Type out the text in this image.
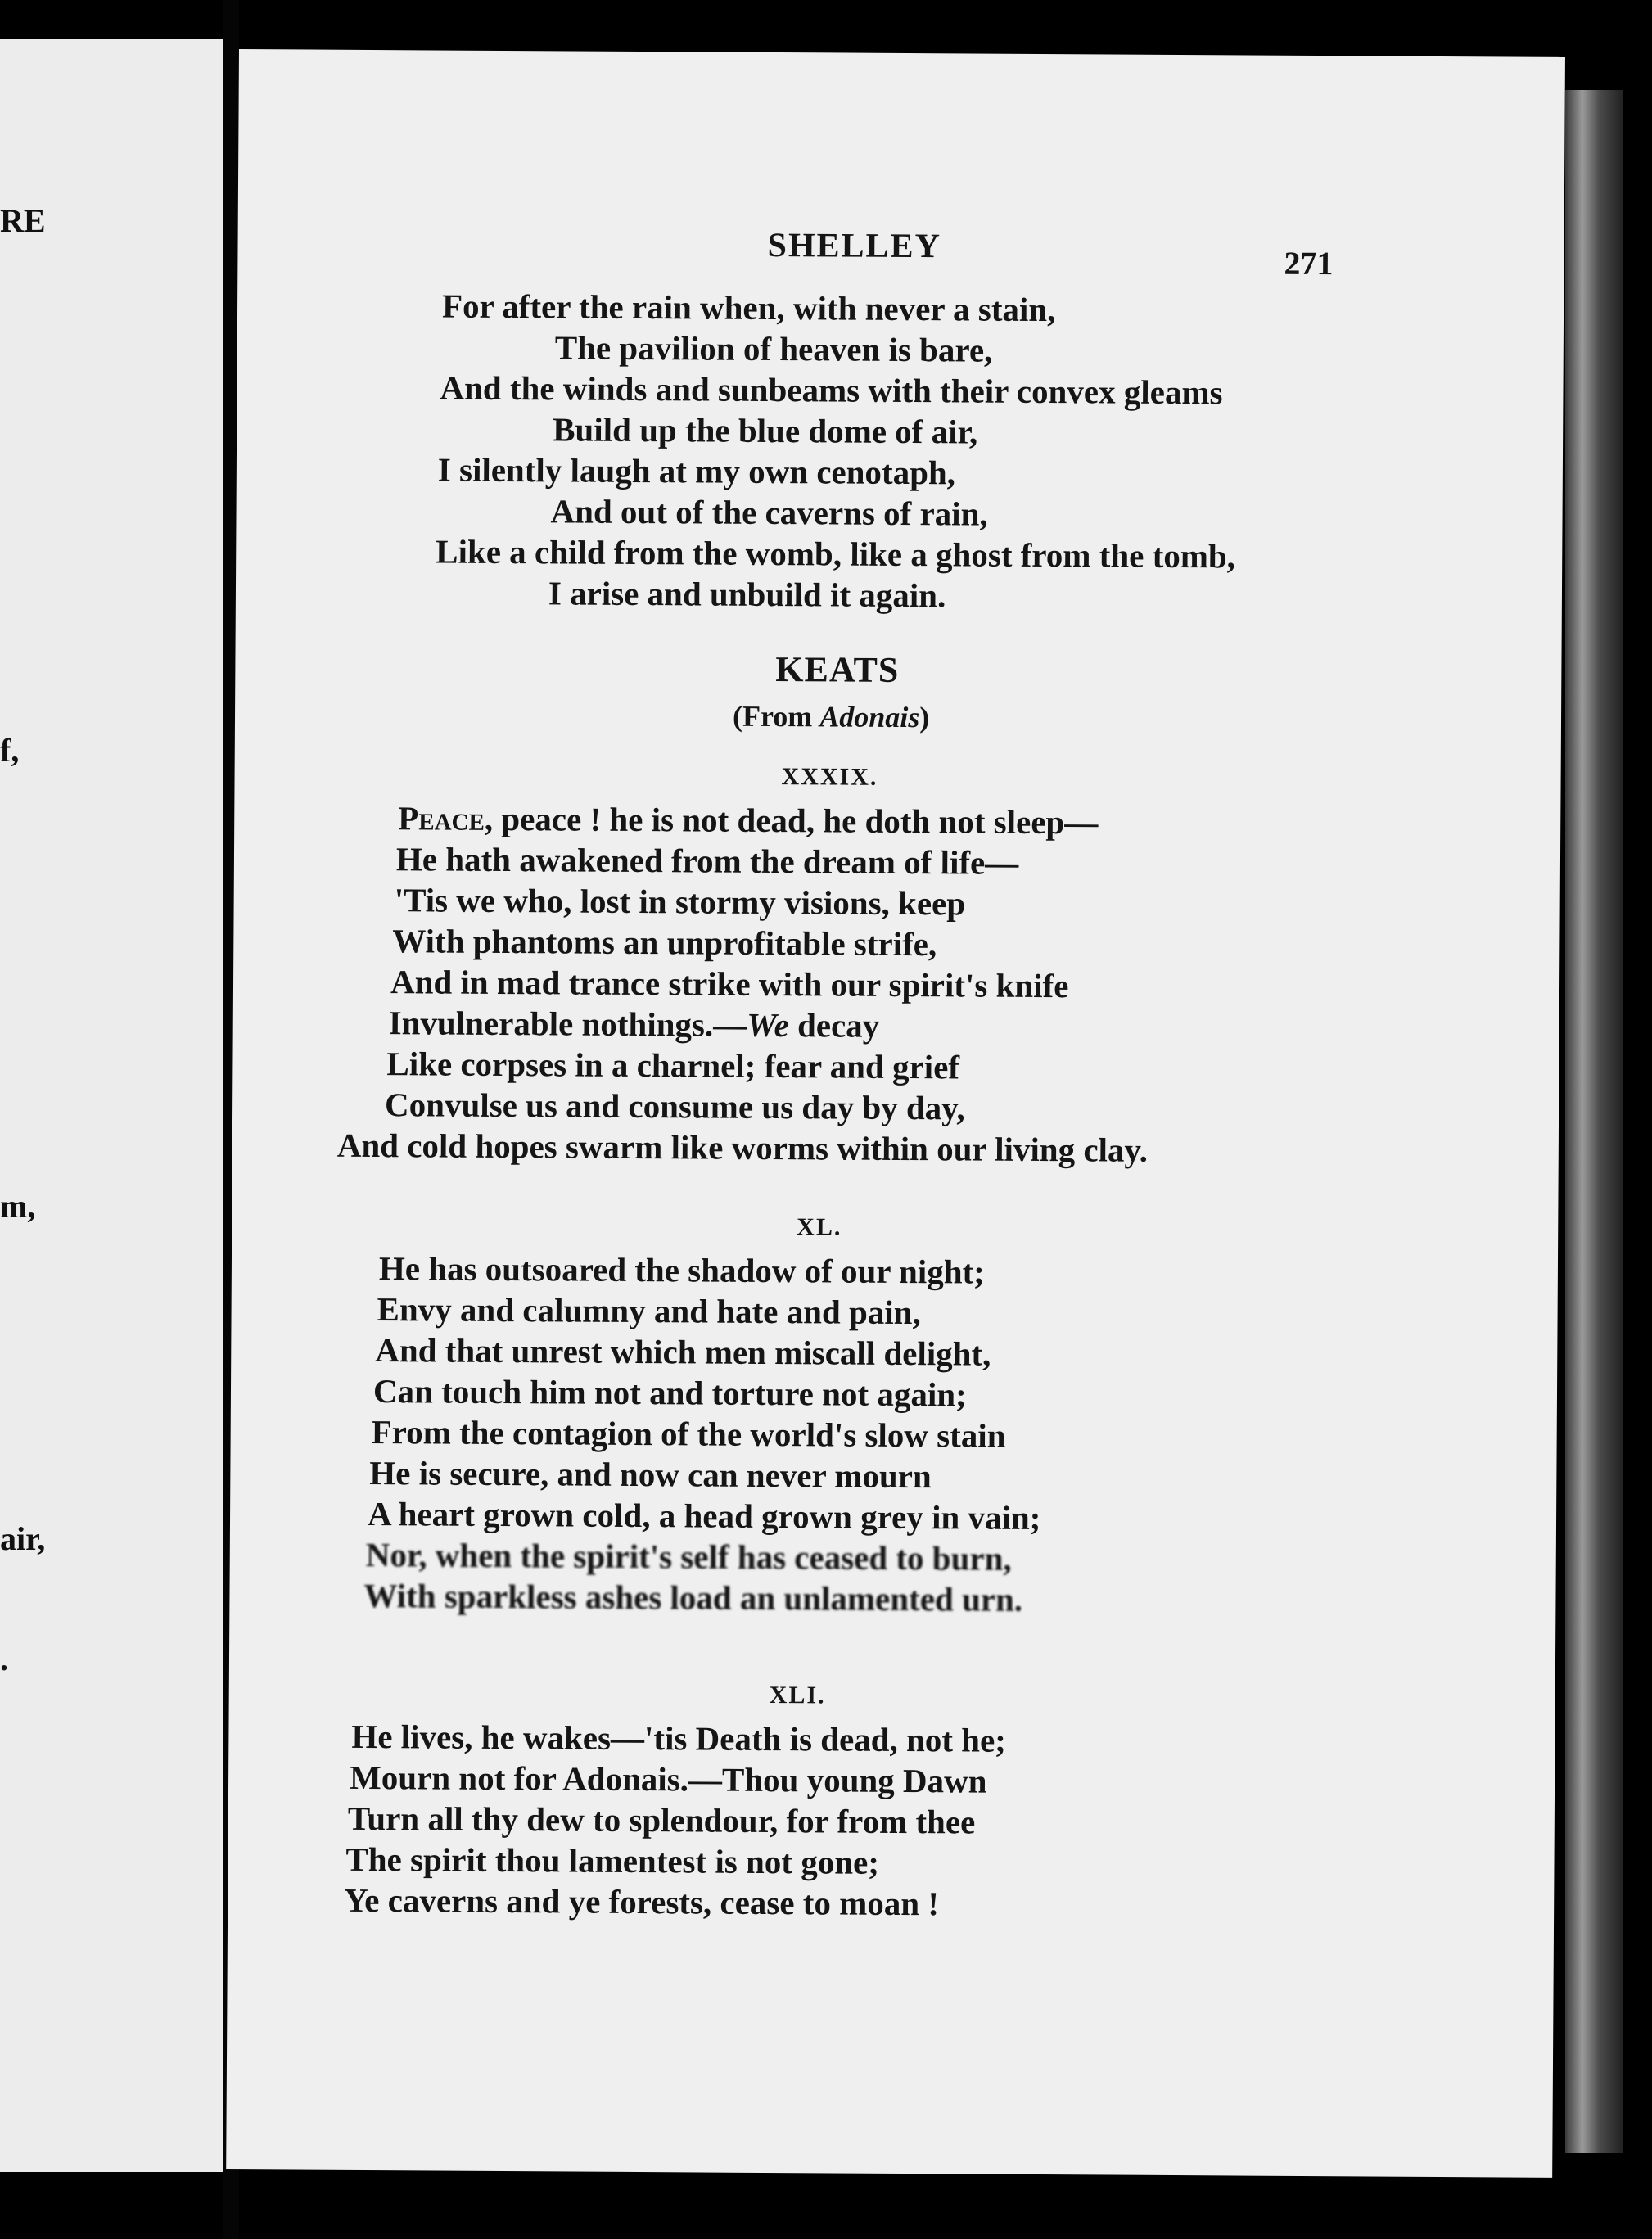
RE
f,
m,
air,
.
SHELLEY	271
For after the rain when, with never a stain,
The pavilion of heaven is bare,
And the winds and sunbeams with their convex gleams
Build up the blue dome of air,
I silently laugh at my own cenotaph,
And out of the caverns of rain,
Like a child from the womb, like a ghost from the tomb,
I arise and unbuild it again.
KEATS
(From Adonais)
XXXIX.
Peace, peace ! he is not dead, he doth not sleep—
He hath awakened from the dream of life—
'Tis we who, lost in stormy visions, keep
With phantoms an unprofitable strife,
And in mad trance strike with our spirit's knife
Invulnerable nothings.—We decay
Like corpses in a charnel; fear and grief
Convulse us and consume us day by day,
And cold hopes swarm like worms within our living clay.
XL.
He has outsoared the shadow of our night;
Envy and calumny and hate and pain,
And that unrest which men miscall delight,
Can touch him not and torture not again;
From the contagion of the world's slow stain
He is secure, and now can never mourn
A heart grown cold, a head grown grey in vain;
Nor, when the spirit's self has ceased to burn,
With sparkless ashes load an unlamented urn.
XLI.
He lives, he wakes—'tis Death is dead, not he;
Mourn not for Adonais.—Thou young Dawn
Turn all thy dew to splendour, for from thee
The spirit thou lamentest is not gone;
Ye caverns and ye forests, cease to moan !
